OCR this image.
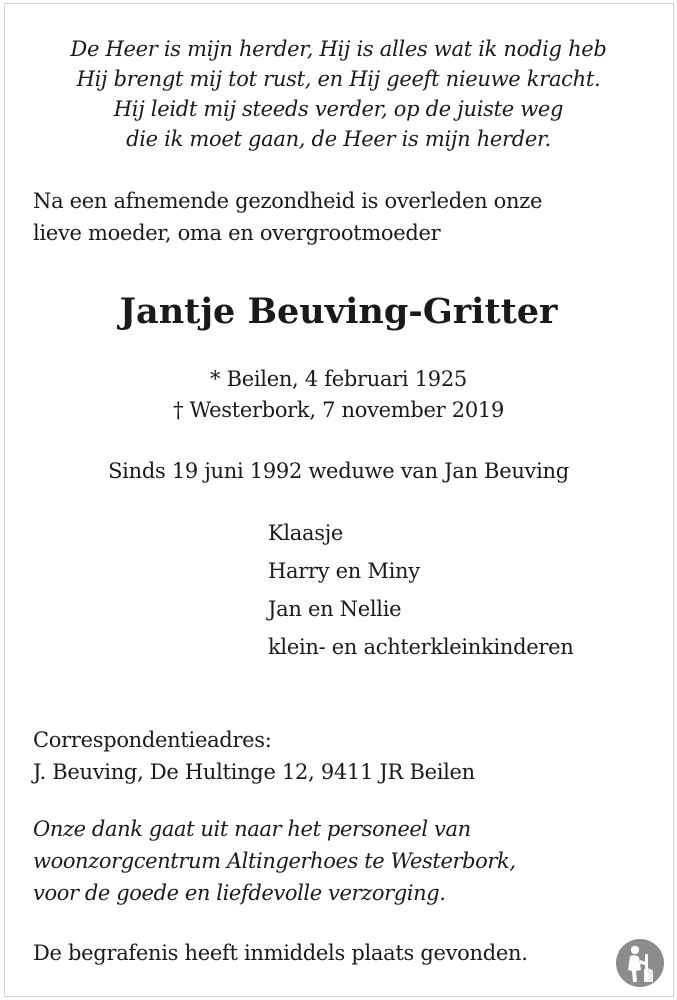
De Heer is mijn herder, Hij is alles wat ik nodig heb
Hij brengt mij tot rust, en Hij geeft nieuwe kracht.
Hij leidt mij steeds verder, op de juiste weg
die ik moet gaan, de Heer is mijn herder.
Na een afnemende gezondheid is overleden onze
lieve moeder, oma en overgrootmoeder
Jantje Beuving-Gritter
* Beilen, 4 februari 1925
† Westerbork, 7 november 2019
Sinds 19 juni 1992 weduwe van Jan Beuving
Klaasje
Harry en Miny
Jan en Nellie
klein- en achterkleinkinderen
Correspondentieadres:
J. Beuving, De Hultinge 12, 9411 JR Beilen
Onze dank gaat uit naar het personeel van
woonzorgcentrum Altingerhoes te Westerbork,
voor de goede en liefdevolle verzorging.
De begrafenis heeft inmiddels plaats gevonden.
